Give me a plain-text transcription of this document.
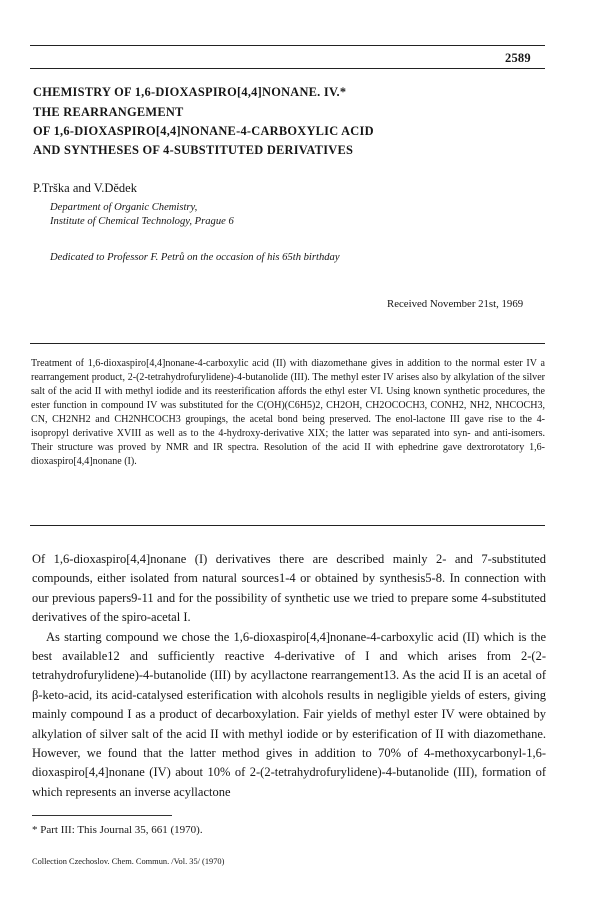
2589
CHEMISTRY OF 1,6-DIOXASPIRO[4,4]NONANE. IV.*
THE REARRANGEMENT
OF 1,6-DIOXASPIRO[4,4]NONANE-4-CARBOXYLIC ACID
AND SYNTHESES OF 4-SUBSTITUTED DERIVATIVES
P.Trška and V.Dědek
Department of Organic Chemistry,
Institute of Chemical Technology, Prague 6
Dedicated to Professor F. Petrů on the occasion of his 65th birthday
Received November 21st, 1969
Treatment of 1,6-dioxaspiro[4,4]nonane-4-carboxylic acid (II) with diazomethane gives in addition to the normal ester IV a rearrangement product, 2-(2-tetrahydrofurylidene)-4-butanolide (III). The methyl ester IV arises also by alkylation of the silver salt of the acid II with methyl iodide and its reesterification affords the ethyl ester VI. Using known synthetic procedures, the ester function in compound IV was substituted for the C(OH)(C6H5)2, CH2OH, CH2OCOCH3, CONH2, NH2, NHCOCH3, CN, CH2NH2 and CH2NHCOCH3 groupings, the acetal bond being preserved. The enol-lactone III gave rise to the 4-isopropyl derivative XVIII as well as to the 4-hydroxy-derivative XIX; the latter was separated into syn- and anti-isomers. Their structure was proved by NMR and IR spectra. Resolution of the acid II with ephedrine gave dextrorotatory 1,6-dioxaspiro[4,4]nonane (I).

Of 1,6-dioxaspiro[4,4]nonane (I) derivatives there are described mainly 2- and 7-substituted compounds, either isolated from natural sources1-4 or obtained by synthesis5-8. In connection with our previous papers9-11 and for the possibility of synthetic use we tried to prepare some 4-substituted derivatives of the spiro-acetal I.

As starting compound we chose the 1,6-dioxaspiro[4,4]nonane-4-carboxylic acid (II) which is the best available12 and sufficiently reactive 4-derivative of I and which arises from 2-(2-tetrahydrofurylidene)-4-butanolide (III) by acyllactone rearrangement13. As the acid II is an acetal of β-keto-acid, its acid-catalysed esterification with alcohols results in negligible yields of esters, giving mainly compound I as a product of decarboxylation. Fair yields of methyl ester IV were obtained by alkylation of silver salt of the acid II with methyl iodide or by esterification of II with diazomethane. However, we found that the latter method gives in addition to 70% of 4-methoxycarbonyl-1,6-dioxaspiro[4,4]nonane (IV) about 10% of 2-(2-tetrahydrofurylidene)-4-butanolide (III), formation of which represents an inverse acyllactone

* Part III: This Journal 35, 661 (1970).
Collection Czechoslov. Chem. Commun. /Vol. 35/ (1970)
